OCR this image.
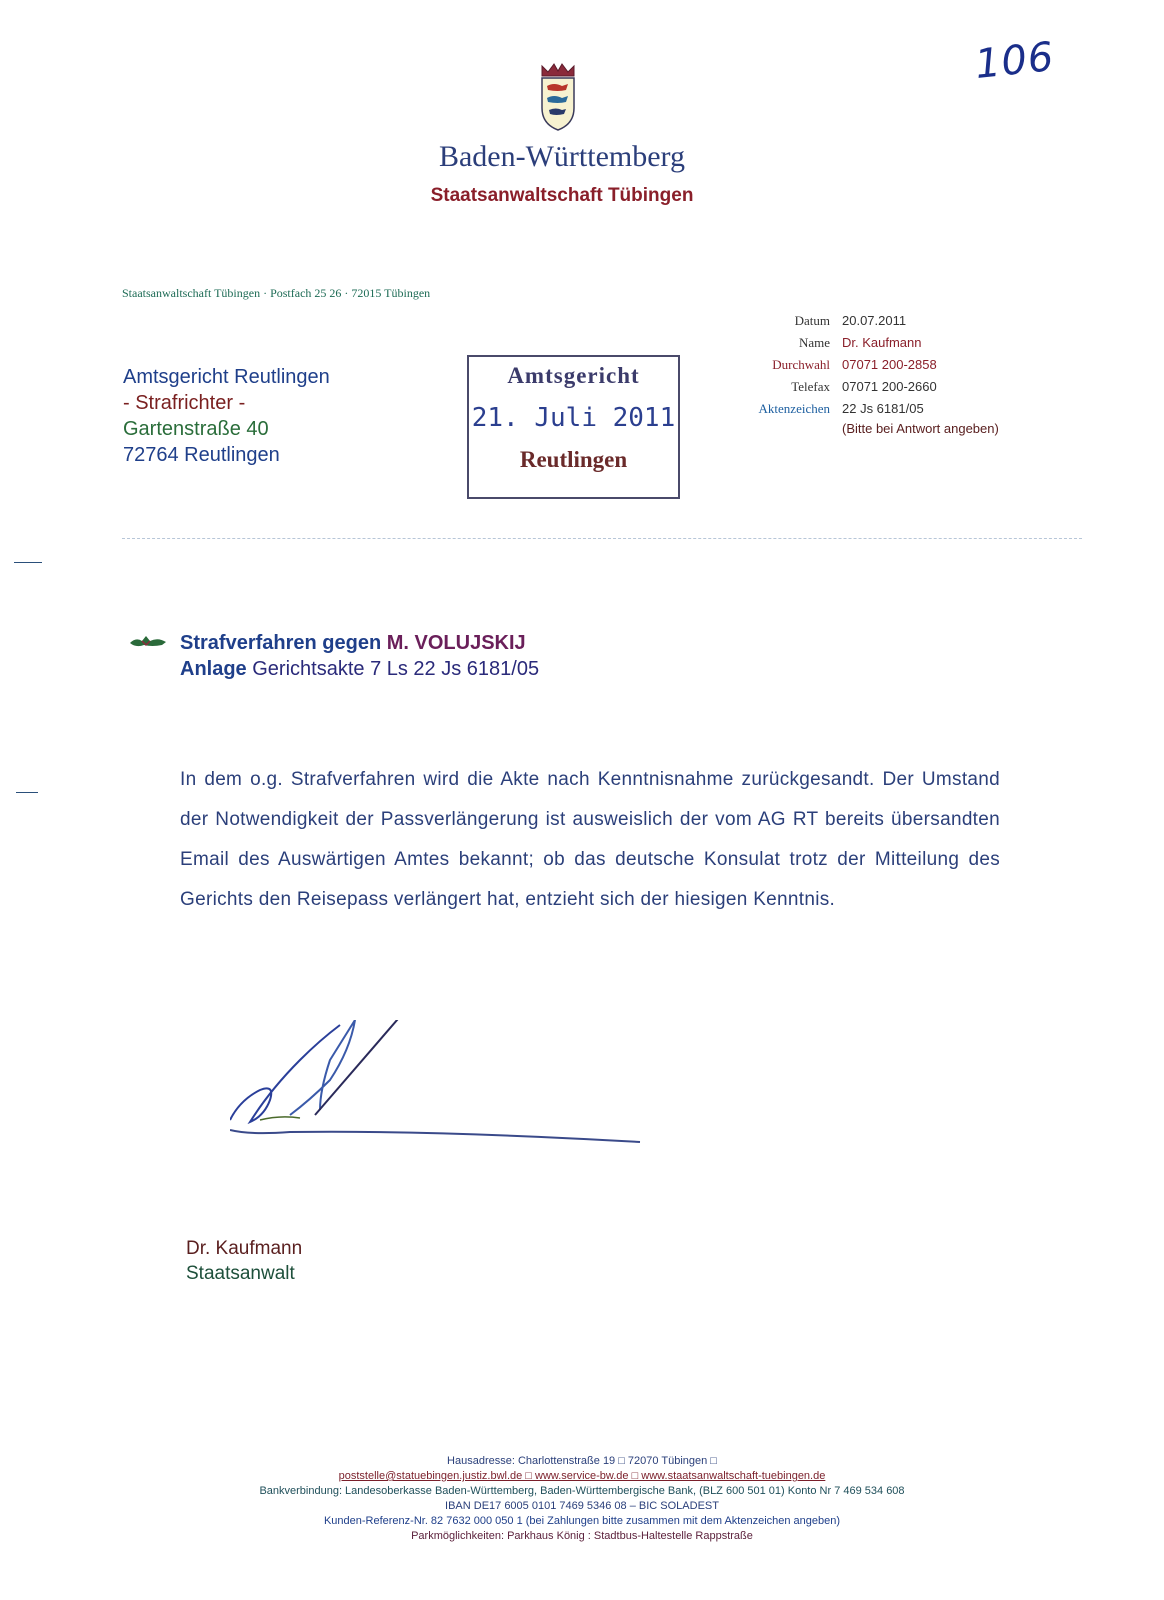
106
Baden-Württemberg
Staatsanwaltschaft Tübingen
Staatsanwaltschaft Tübingen · Postfach 25 26 · 72015 Tübingen
Amtsgericht Reutlingen
- Strafrichter -
Gartenstraße 40
72764 Reutlingen
Amtsgericht
21. Juli 2011
Reutlingen
Datum 20.07.2011
Name Dr. Kaufmann
Durchwahl 07071 200-2858
Telefax 07071 200-2660
Aktenzeichen 22 Js 6181/05
(Bitte bei Antwort angeben)
Strafverfahren gegen M. VOLUJSKIJ
Anlage Gerichtsakte 7 Ls 22 Js 6181/05

In dem o.g. Strafverfahren wird die Akte nach Kenntnisnahme zurückgesandt. Der Umstand der Notwendigkeit der Passverlängerung ist ausweislich der vom AG RT bereits übersandten Email des Auswärtigen Amtes bekannt; ob das deutsche Konsulat trotz der Mitteilung des Gerichts den Reisepass verlängert hat, entzieht sich der hiesigen Kenntnis.

Dr. Kaufmann
Staatsanwalt
Hausadresse: Charlottenstraße 19 □ 72070 Tübingen □
poststelle@statuebingen.justiz.bwl.de □ www.service-bw.de □ www.staatsanwaltschaft-tuebingen.de
Bankverbindung: Landesoberkasse Baden-Württemberg, Baden-Württembergische Bank, (BLZ 600 501 01) Konto Nr 7 469 534 608
IBAN DE17 6005 0101 7469 5346 08 – BIC SOLADEST
Kunden-Referenz-Nr. 82 7632 000 050 1 (bei Zahlungen bitte zusammen mit dem Aktenzeichen angeben)
Parkmöglichkeiten: Parkhaus König : Stadtbus-Haltestelle Rappstraße
